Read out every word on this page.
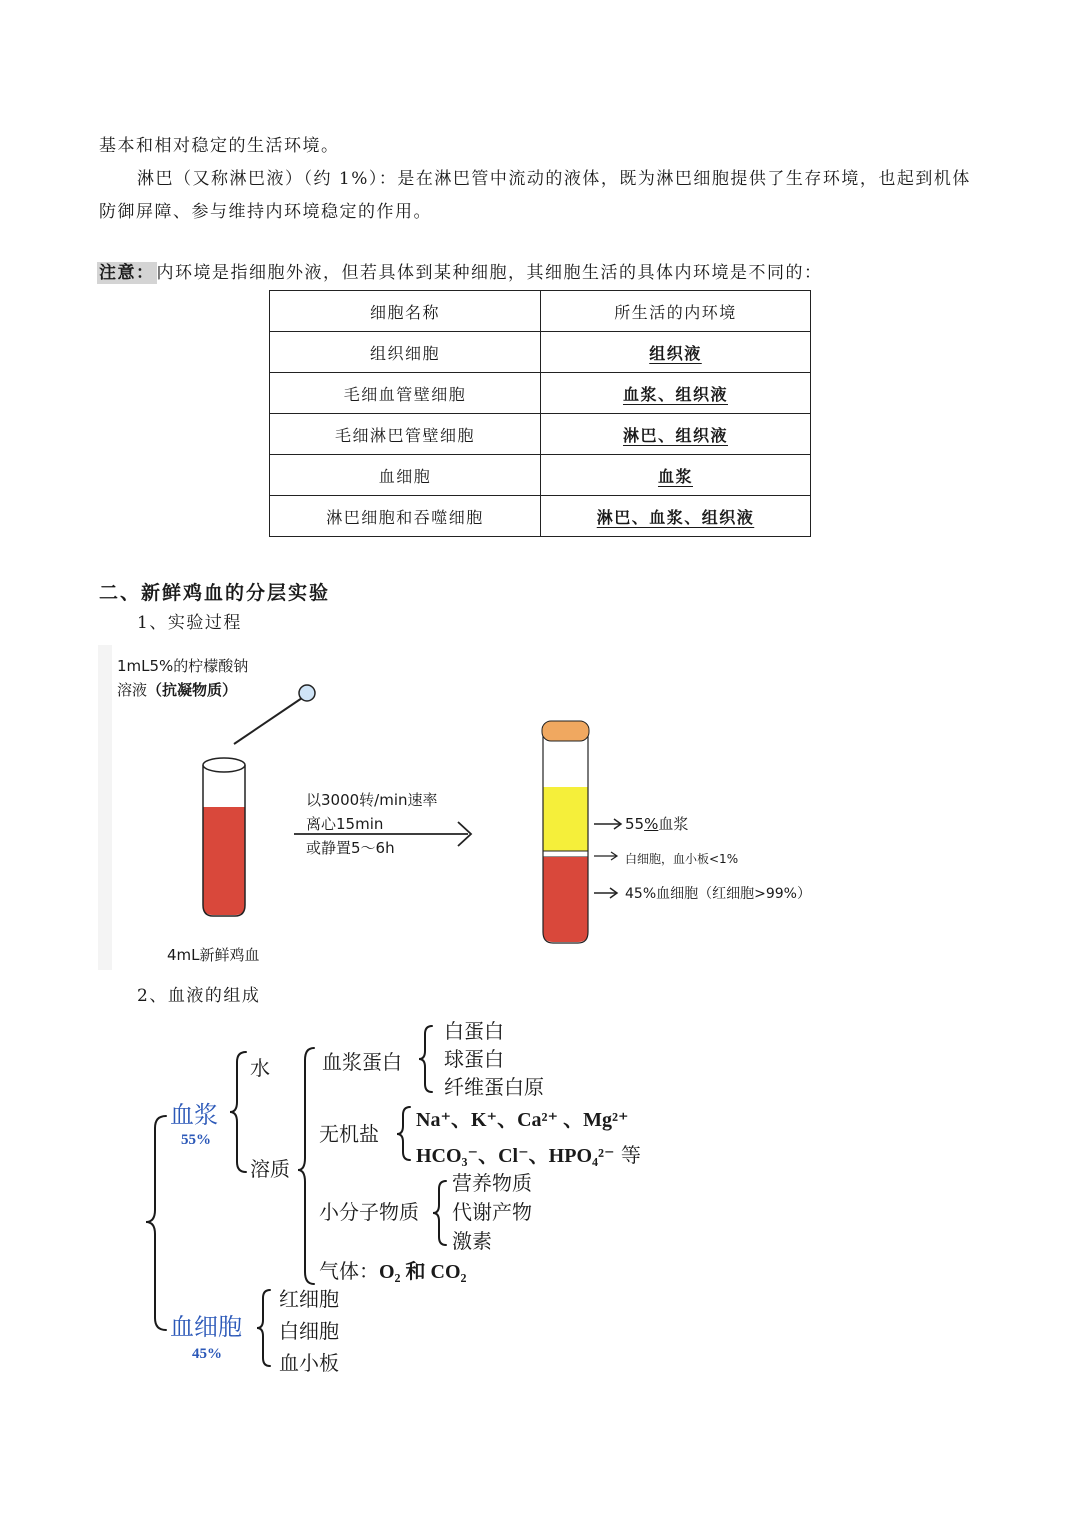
基本和相对稳定的生活环境。
淋巴（又称淋巴液）（约 1%）：是在淋巴管中流动的液体，既为淋巴细胞提供了生存环境，也起到机体
防御屏障、参与维持内环境稳定的作用。
注意： 内环境是指细胞外液，但若具体到某种细胞，其细胞生活的具体内环境是不同的：
细胞名称	所生活的内环境
组织细胞	组织液
毛细血管壁细胞	血浆、组织液
毛细淋巴管壁细胞	淋巴、组织液
血细胞	血浆
淋巴细胞和吞噬细胞	淋巴、血浆、组织液
二、新鲜鸡血的分层实验
1、实验过程
1mL5%的柠檬酸钠
溶液（抗凝物质）
以3000转/min速率
离心15min
或静置5～6h
55%血浆
白细胞，血小板<1%
45%血细胞（红细胞>99%）
4mL新鲜鸡血
2、血液的组成
血浆
55%
血细胞
45%
水
溶质
血浆蛋白
白蛋白
球蛋白
纤维蛋白原
无机盐
Na⁺、K⁺、Ca²⁺ 、Mg²⁺
HCO₃⁻、Cl⁻、HPO₄²⁻ 等
小分子物质
营养物质
代谢产物
激素
气体：O₂ 和 CO₂
红细胞
白细胞
血小板
